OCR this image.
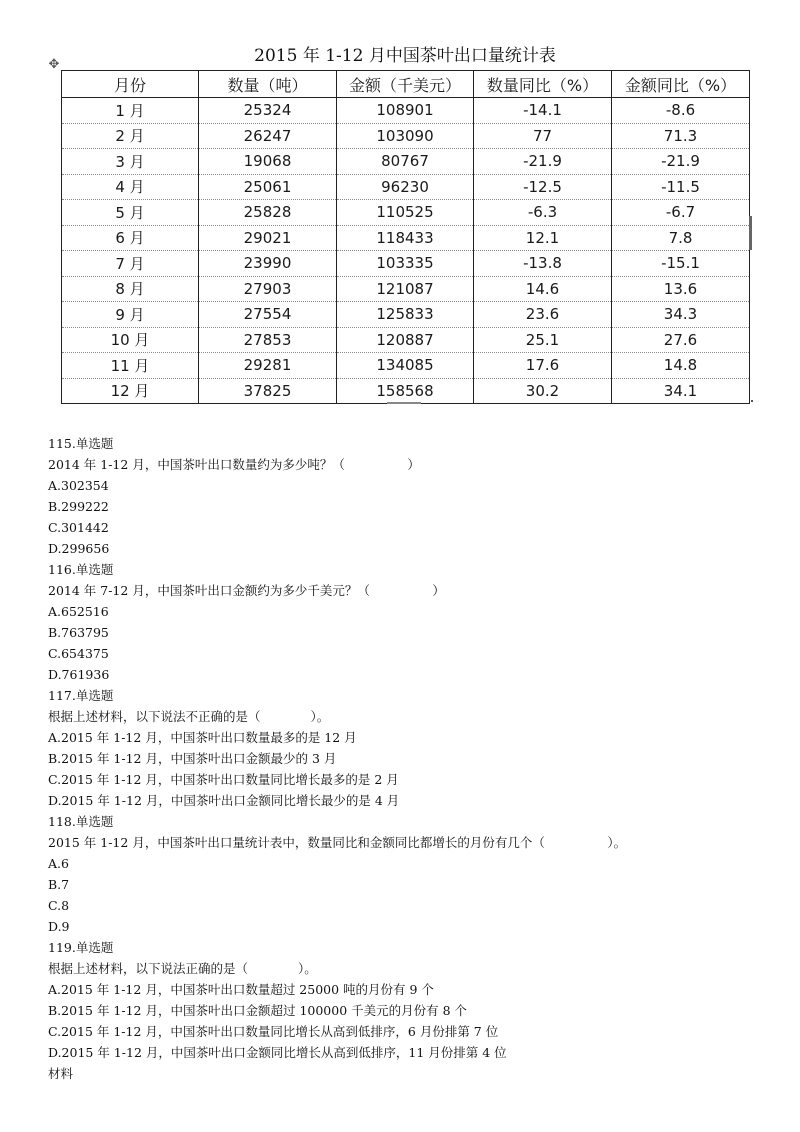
✥	2015 年 1-12 月中国茶叶出口量统计表
月份	数量（吨）	金额（千美元）	数量同比（%）	金额同比（%）
1 月	25324	108901	-14.1	-8.6
2 月	26247	103090	77	71.3
3 月	19068	80767	-21.9	-21.9
4 月	25061	96230	-12.5	-11.5
5 月	25828	110525	-6.3	-6.7
6 月	29021	118433	12.1	7.8
7 月	23990	103335	-13.8	-15.1
8 月	27903	121087	14.6	13.6
9 月	27554	125833	23.6	34.3
10 月	27853	120887	25.1	27.6
11 月	29281	134085	17.6	14.8
12 月	37825	158568	30.2	34.1
115.单选题
2014 年 1-12 月，中国茶叶出口数量约为多少吨？（　　　　　）
A.302354
B.299222
C.301442
D.299656
116.单选题
2014 年 7-12 月，中国茶叶出口金额约为多少千美元？（　　　　　）
A.652516
B.763795
C.654375
D.761936
117.单选题
根据上述材料，以下说法不正确的是（　　　　）。
A.2015 年 1-12 月，中国茶叶出口数量最多的是 12 月
B.2015 年 1-12 月，中国茶叶出口金额最少的 3 月
C.2015 年 1-12 月，中国茶叶出口数量同比增长最多的是 2 月
D.2015 年 1-12 月，中国茶叶出口金额同比增长最少的是 4 月
118.单选题
2015 年 1-12 月，中国茶叶出口量统计表中，数量同比和金额同比都增长的月份有几个（　　　　　）。
A.6
B.7
C.8
D.9
119.单选题
根据上述材料，以下说法正确的是（　　　　）。
A.2015 年 1-12 月，中国茶叶出口数量超过 25000 吨的月份有 9 个
B.2015 年 1-12 月，中国茶叶出口金额超过 100000 千美元的月份有 8 个
C.2015 年 1-12 月，中国茶叶出口数量同比增长从高到低排序，6 月份排第 7 位
D.2015 年 1-12 月，中国茶叶出口金额同比增长从高到低排序，11 月份排第 4 位
材料
